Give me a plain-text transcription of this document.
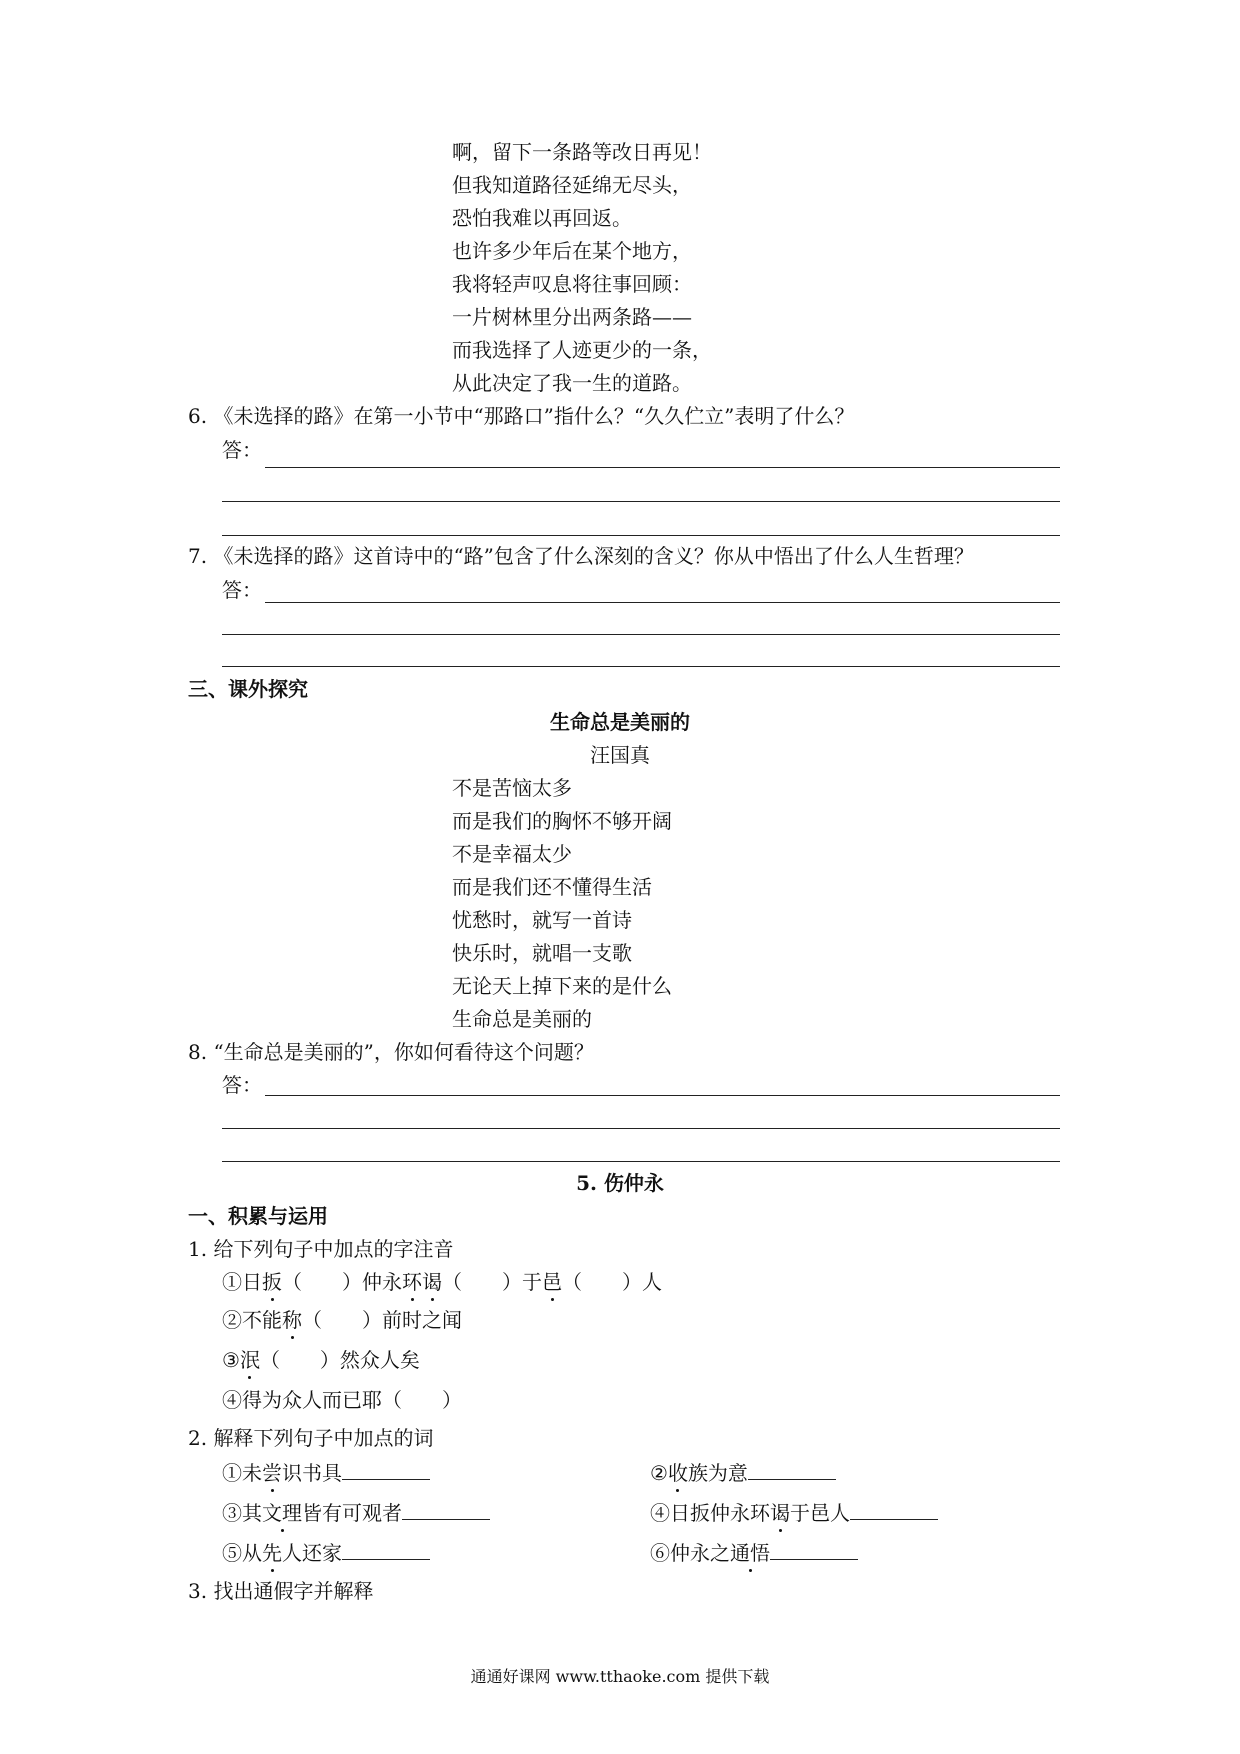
啊，留下一条路等改日再见！
但我知道路径延绵无尽头，
恐怕我难以再回返。
也许多少年后在某个地方，
我将轻声叹息将往事回顾：
一片树林里分出两条路——
而我选择了人迹更少的一条，
从此决定了我一生的道路。
6. 《未选择的路》在第一小节中“那路口”指什么？“久久伫立”表明了什么？
答：
7. 《未选择的路》这首诗中的“路”包含了什么深刻的含义？你从中悟出了什么人生哲理？
答：
三、课外探究
生命总是美丽的
汪国真
不是苦恼太多
而是我们的胸怀不够开阔
不是幸福太少
而是我们还不懂得生活
忧愁时，就写一首诗
快乐时，就唱一支歌
无论天上掉下来的是什么
生命总是美丽的
8. “生命总是美丽的”，你如何看待这个问题？
答：
5. 伤仲永
一、积累与运用
1. 给下列句子中加点的字注音
①日扳（　　）仲永环谒（　　）于邑（　　）人
②不能称（　　）前时之闻
③泯（　　）然众人矣
④得为众人而已耶（　　）
2. 解释下列句子中加点的词
①未尝识书具	②收族为意
③其文理皆有可观者	④日扳仲永环谒于邑人
⑤从先人还家	⑥仲永之通悟
3. 找出通假字并解释
通通好课网 www.tthaoke.com 提供下载
